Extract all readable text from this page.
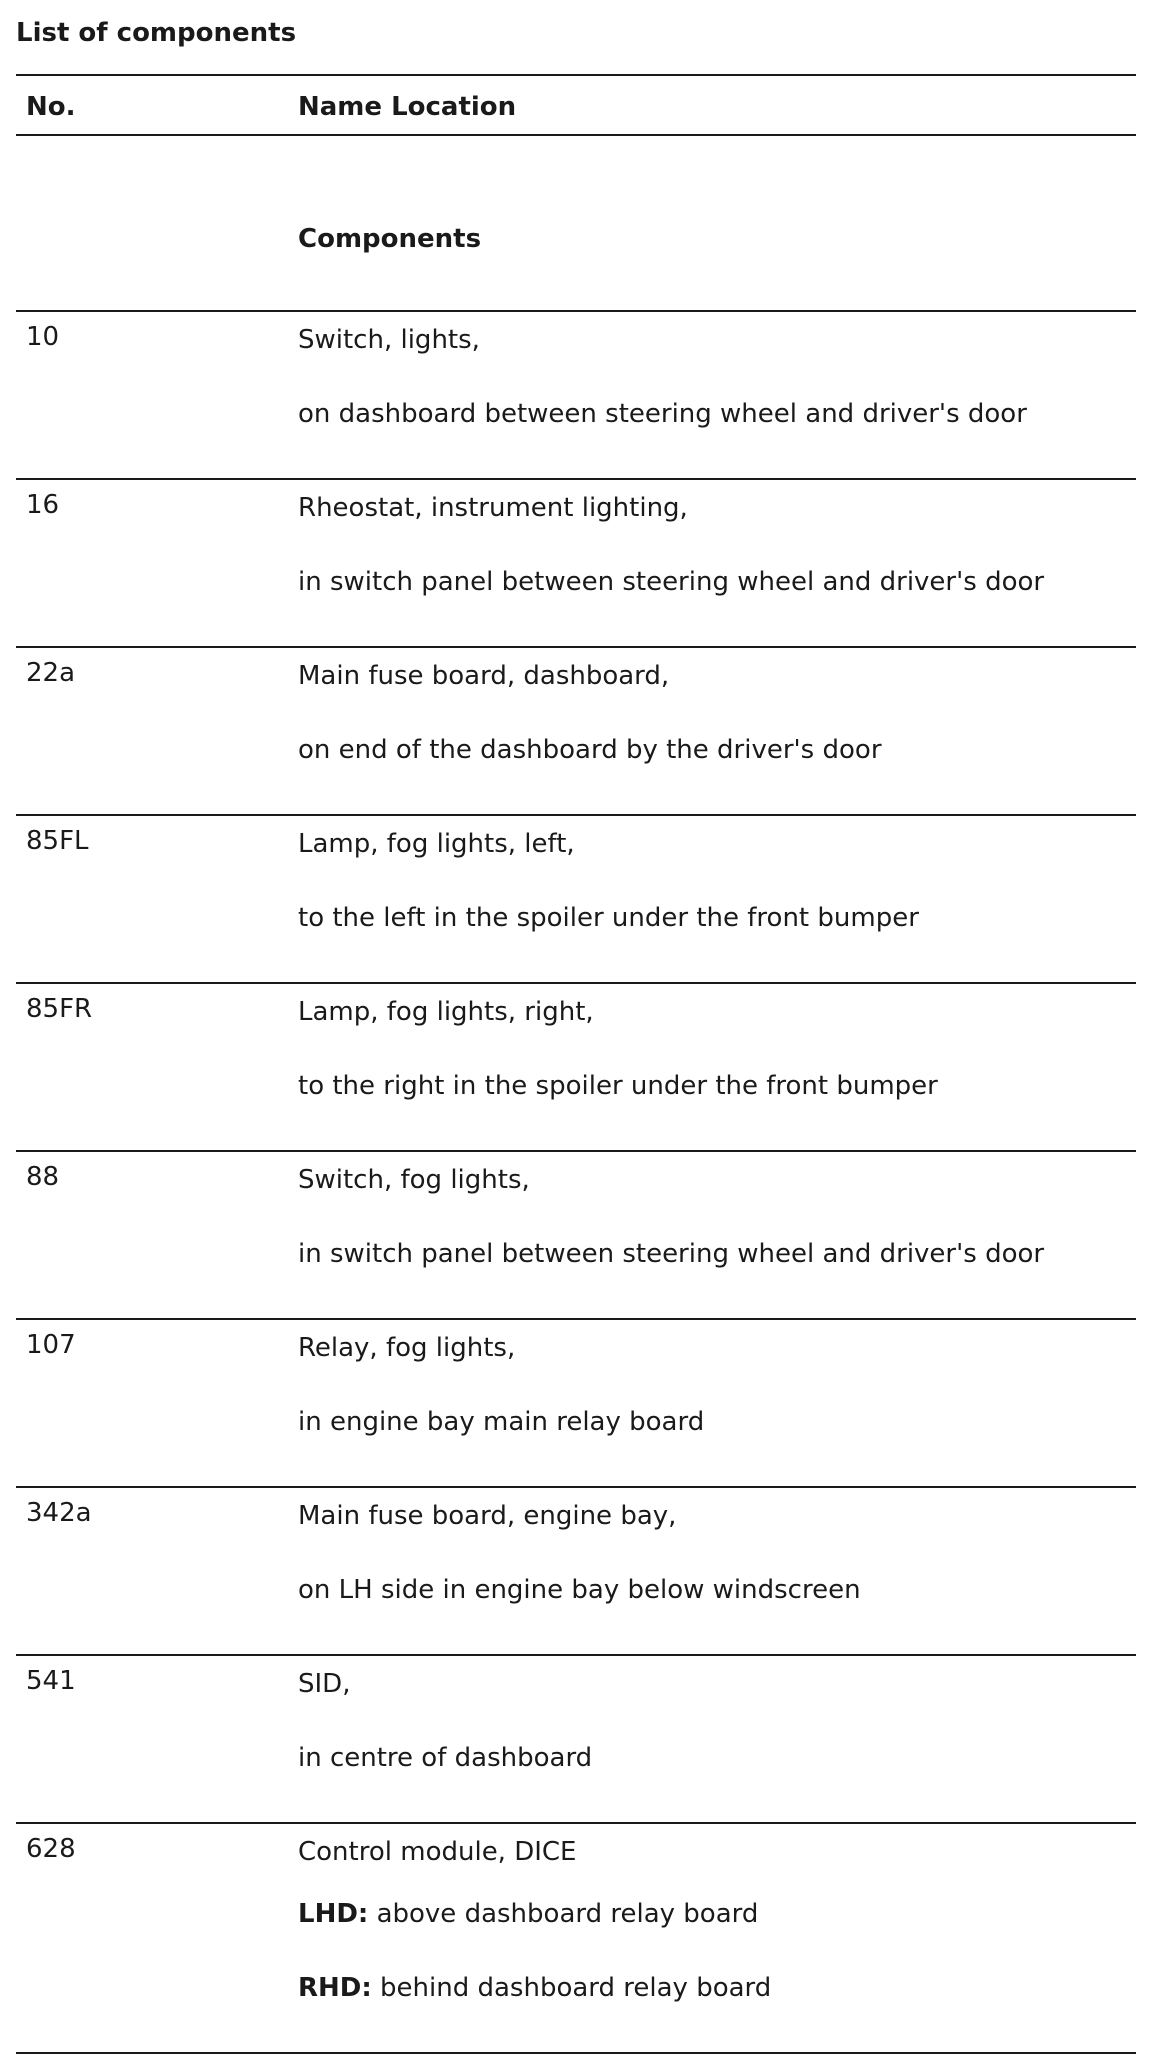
List of components
No.	Name Location
Components
10	Switch, lights,
on dashboard between steering wheel and driver's door
16	Rheostat, instrument lighting,
in switch panel between steering wheel and driver's door
22a	Main fuse board, dashboard,
on end of the dashboard by the driver's door
85FL	Lamp, fog lights, left,
to the left in the spoiler under the front bumper
85FR	Lamp, fog lights, right,
to the right in the spoiler under the front bumper
88	Switch, fog lights,
in switch panel between steering wheel and driver's door
107	Relay, fog lights,
in engine bay main relay board
342a	Main fuse board, engine bay,
on LH side in engine bay below windscreen
541	SID,
in centre of dashboard
628	Control module, DICE
LHD: above dashboard relay board
RHD: behind dashboard relay board
